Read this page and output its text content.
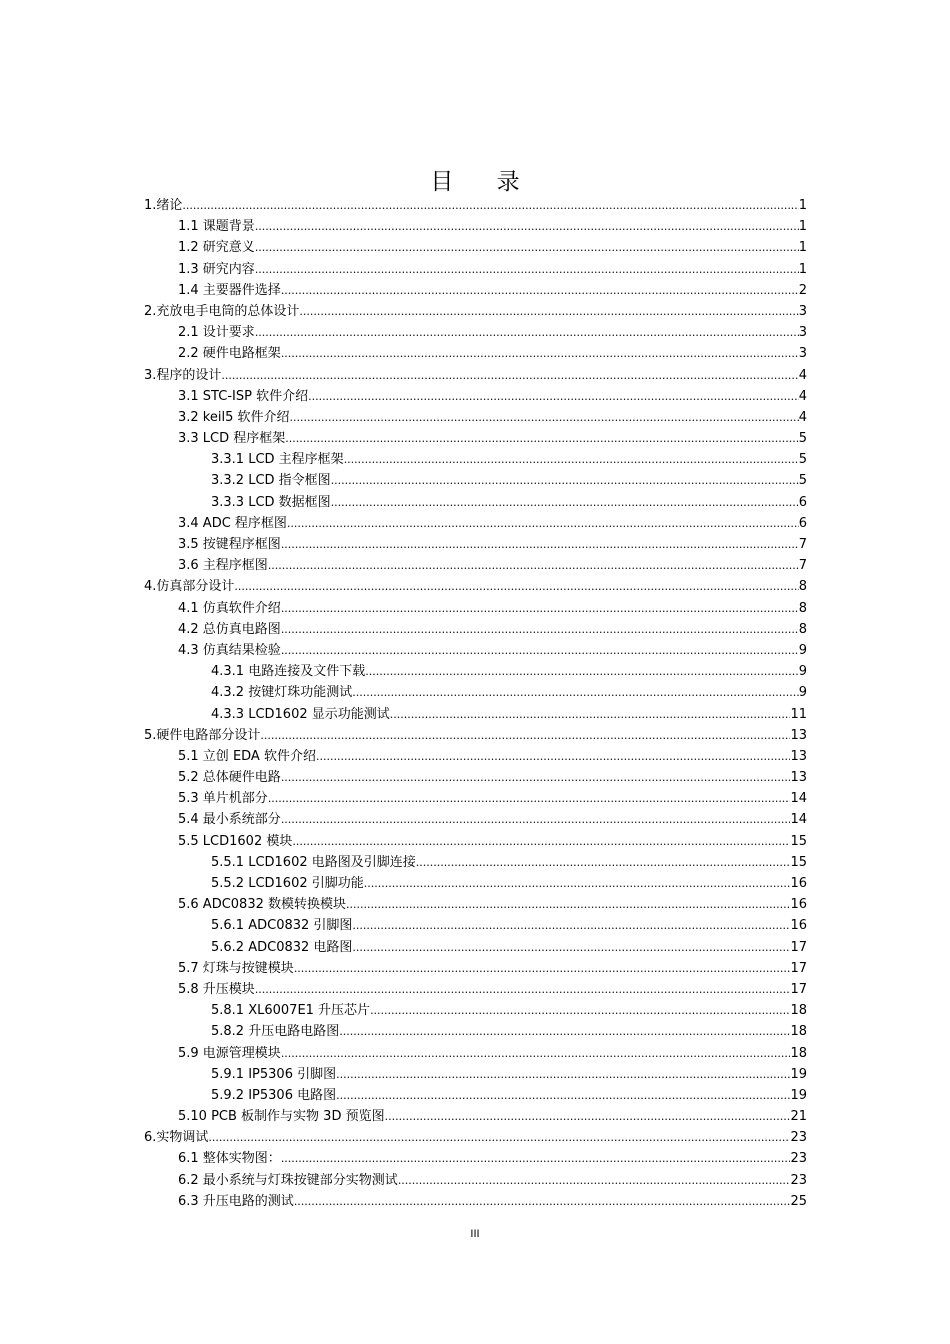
目 录
1.绪论 .....	1
1.1 课题背景 .....	1
1.2 研究意义 .....	1
1.3 研究内容 .....	1
1.4 主要器件选择 .....	2
2.充放电手电筒的总体设计 .....	3
2.1 设计要求 .....	3
2.2 硬件电路框架 .....	3
3.程序的设计 .....	4
3.1 STC-ISP 软件介绍 .....	4
3.2 keil5 软件介绍 .....	4
3.3 LCD 程序框架 .....	5
3.3.1 LCD 主程序框架 .....	5
3.3.2 LCD 指令框图 .....	5
3.3.3 LCD 数据框图 .....	6
3.4 ADC 程序框图 .....	6
3.5 按键程序框图 .....	7
3.6 主程序框图 .....	7
4.仿真部分设计 .....	8
4.1 仿真软件介绍 .....	8
4.2 总仿真电路图 .....	8
4.3 仿真结果检验 .....	9
4.3.1 电路连接及文件下载 .....	9
4.3.2 按键灯珠功能测试 .....	9
4.3.3 LCD1602 显示功能测试 .....	11
5.硬件电路部分设计 .....	13
5.1 立创 EDA 软件介绍 .....	13
5.2 总体硬件电路 .....	13
5.3 单片机部分 .....	14
5.4 最小系统部分 .....	14
5.5 LCD1602 模块 .....	15
5.5.1 LCD1602 电路图及引脚连接 .....	15
5.5.2 LCD1602 引脚功能 .....	16
5.6 ADC0832 数模转换模块 .....	16
5.6.1 ADC0832 引脚图 .....	16
5.6.2 ADC0832 电路图 .....	17
5.7 灯珠与按键模块 .....	17
5.8 升压模块 .....	17
5.8.1 XL6007E1 升压芯片 .....	18
5.8.2 升压电路电路图 .....	18
5.9 电源管理模块 .....	18
5.9.1 IP5306 引脚图 .....	19
5.9.2 IP5306 电路图 .....	19
5.10 PCB 板制作与实物 3D 预览图 .....	21
6.实物调试 .....	23
6.1 整体实物图： .....	23
6.2 最小系统与灯珠按键部分实物测试 .....	23
6.3 升压电路的测试 .....	25
III
